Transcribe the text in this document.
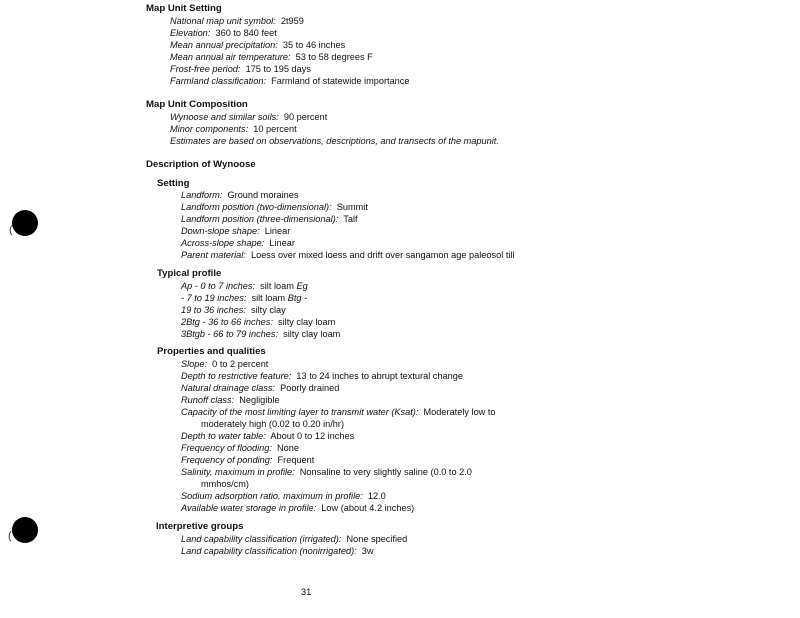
(
(
Map Unit Setting
National map unit symbol: 2t959
Elevation: 360 to 840 feet
Mean annual precipitation: 35 to 46 inches
Mean annual air temperature: 53 to 58 degrees F
Frost-free period: 175 to 195 days
Farmland classification: Farmland of statewide importance
Map Unit Composition
Wynoose and similar soils: 90 percent
Minor components: 10 percent
Estimates are based on observations, descriptions, and transects of the mapunit.
Description of Wynoose
Setting
Landform: Ground moraines
Landform position (two-dimensional): Summit
Landform position (three-dimensional): Talf
Down-slope shape: Linear
Across-slope shape: Linear
Parent material: Loess over mixed loess and drift over sangamon age paleosol till
Typical profile
Ap - 0 to 7 inches: silt loam Eg
- 7 to 19 inches: silt loam Btg -
19 to 36 inches: silty clay
2Btg - 36 to 66 inches: silty clay loam
3Btgb - 66 to 79 inches: silty clay loam
Properties and qualities
Slope: 0 to 2 percent
Depth to restrictive feature: 13 to 24 inches to abrupt textural change
Natural drainage class: Poorly drained
Runoff class: Negligible
Capacity of the most limiting layer to transmit water (Ksat): Moderately low to
moderately high (0.02 to 0.20 in/hr)
Depth to water table: About 0 to 12 inches
Frequency of flooding: None
Frequency of ponding: Frequent
Salinity, maximum in profile: Nonsaline to very slightly saline (0.0 to 2.0
mmhos/cm)
Sodium adsorption ratio, maximum in profile: 12.0
Available water storage in profile: Low (about 4.2 inches)
Interpretive groups
Land capability classification (irrigated): None specified
Land capability classification (nonirrigated): 3w
31
